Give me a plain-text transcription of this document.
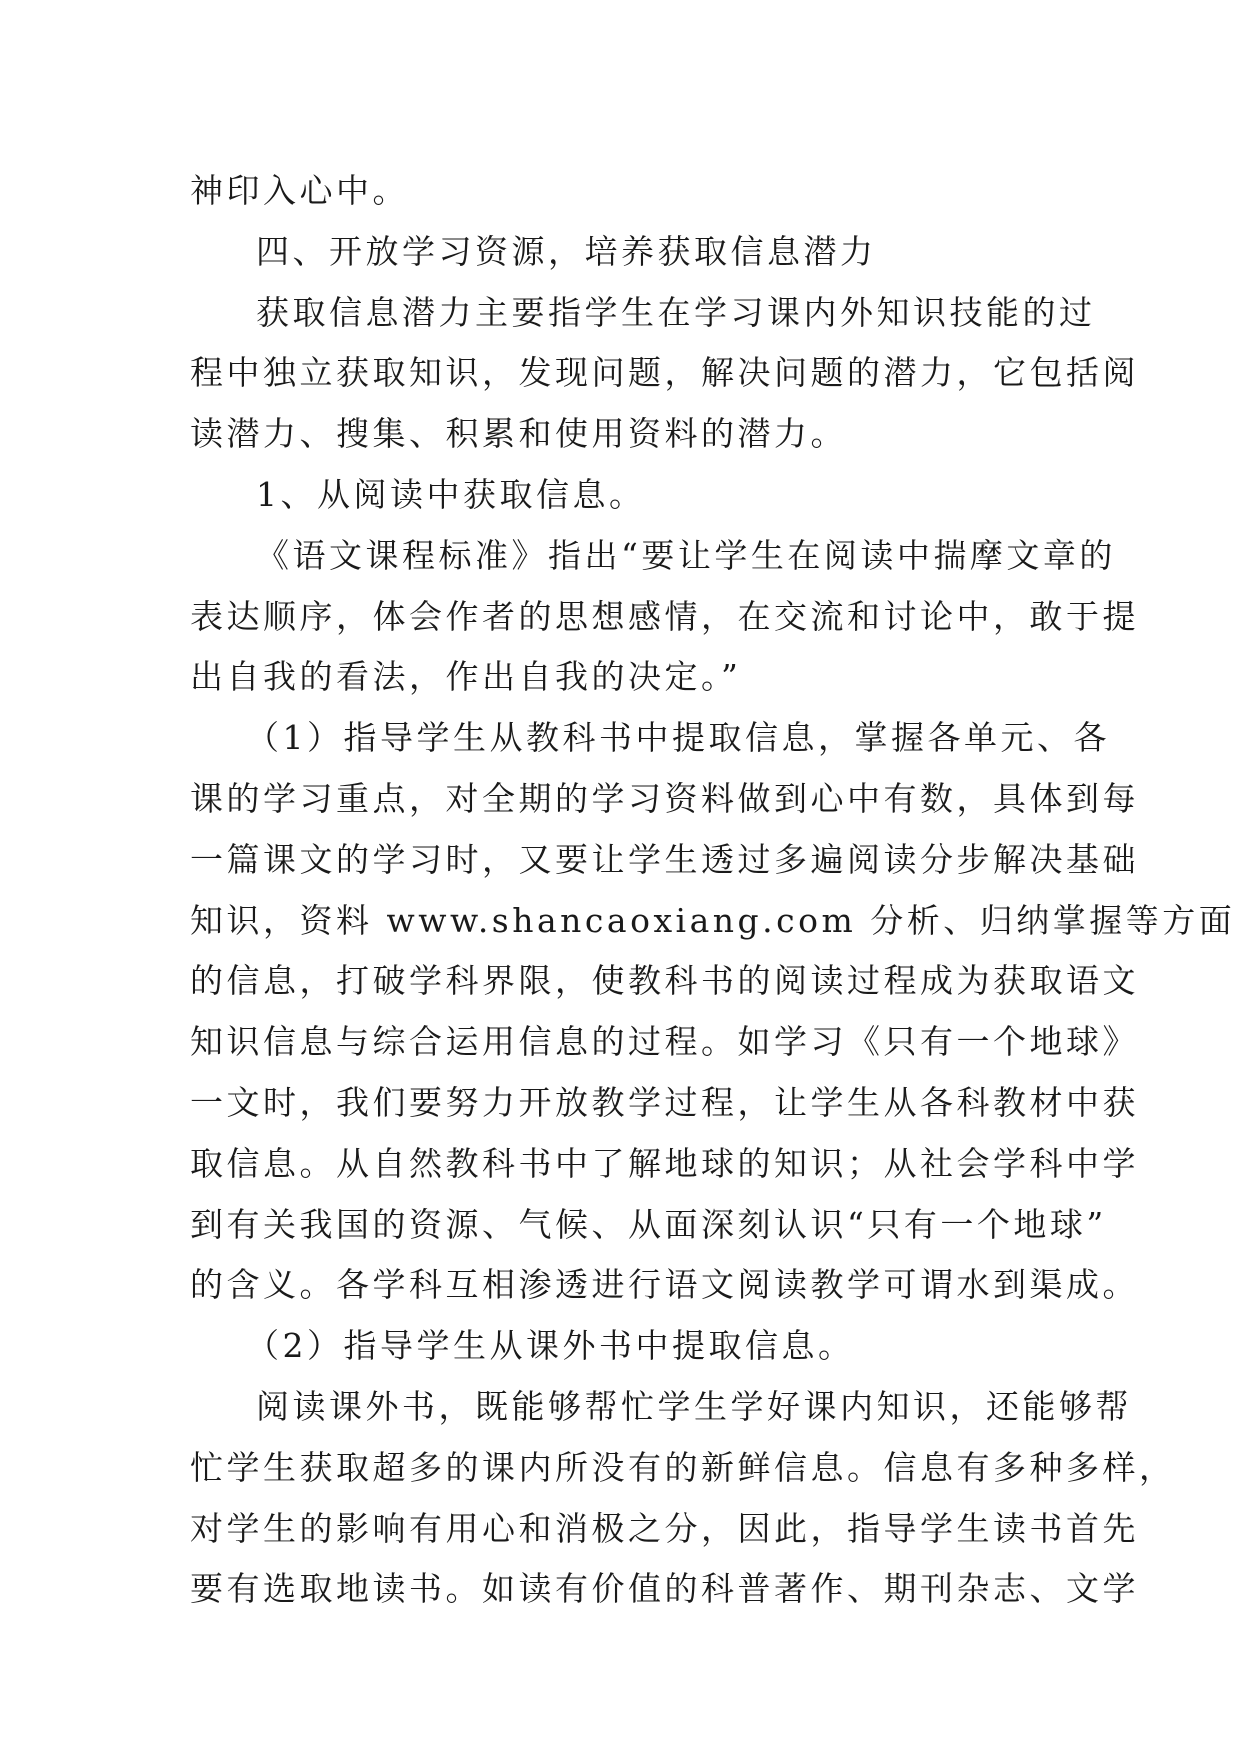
神印入心中。
四、开放学习资源，培养获取信息潜力
获取信息潜力主要指学生在学习课内外知识技能的过
程中独立获取知识，发现问题，解决问题的潜力，它包括阅
读潜力、搜集、积累和使用资料的潜力。
1、从阅读中获取信息。
《语文课程标准》指出“要让学生在阅读中揣摩文章的
表达顺序，体会作者的思想感情，在交流和讨论中，敢于提
出自我的看法，作出自我的决定。”
（1）指导学生从教科书中提取信息，掌握各单元、各
课的学习重点，对全期的学习资料做到心中有数，具体到每
一篇课文的学习时，又要让学生透过多遍阅读分步解决基础
知识，资料 www.shancaoxiang.com 分析、归纳掌握等方面
的信息，打破学科界限，使教科书的阅读过程成为获取语文
知识信息与综合运用信息的过程。如学习《只有一个地球》
一文时，我们要努力开放教学过程，让学生从各科教材中获
取信息。从自然教科书中了解地球的知识；从社会学科中学
到有关我国的资源、气候、从面深刻认识“只有一个地球”
的含义。各学科互相渗透进行语文阅读教学可谓水到渠成。
（2）指导学生从课外书中提取信息。
阅读课外书，既能够帮忙学生学好课内知识，还能够帮
忙学生获取超多的课内所没有的新鲜信息。信息有多种多样，
对学生的影响有用心和消极之分，因此，指导学生读书首先
要有选取地读书。如读有价值的科普著作、期刊杂志、文学
